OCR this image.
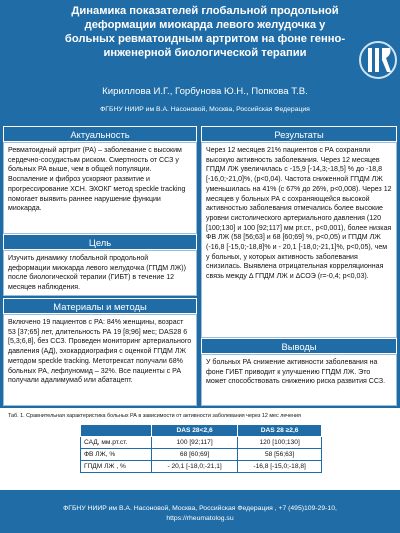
Динамика показателей глобальной продольной деформации миокарда левого желудочка у больных ревматоидным артритом на фоне генно-инженерной биологической терапии
Кириллова И.Г., Горбунова Ю.Н., Попкова Т.В.
ФГБНУ НИИР им В.А. Насоновой, Москва, Российская Федерация
Актуальность

Ревматоидный артрит (РА) – заболевание с высоким сердечно-сосудистым риском. Смертность от ССЗ у больных РА выше, чем в общей популяции. Воспаление и фиброз ускоряют развитие и прогрессирование ХСН. ЭХОКГ метод speckle tracking помогает выявить раннее нарушение функции миокарда.

Цель

Изучить динамику глобальной продольной деформации миокарда левого желудочка (ГПДМ ЛЖ)) после биологической терапии (ГИБТ) в течение 12 месяцев наблюдения.

Материалы и методы

Включено 19 пациентов с РА: 84% женщины, возраст 53 [37;65] лет, длительность РА 19 [8;96] мес; DAS28 6 [5,3;6,8], без ССЗ. Проведен мониторинг артериального давления (АД), эхокардиография с оценкой ГПДМ ЛЖ методом speckle tracking. Метотрексат получали 68% больных РА, лефлуномид – 32%. Все пациенты с РА получали адалимумаб или абатацепт.

Результаты

Через 12 месяцев 21% пациентов с РА сохраняли высокую активность заболевания. Через 12 месяцев ГПДМ ЛЖ увеличилась с -15,9 [-14,3;-18,5] % до -18,8 [-16,0;-21,0]%, (р<0,04). Частота сниженной ГПДМ ЛЖ уменьшилась на 41% (с 67% до 26%, р<0,008). Через 12 месяцев у больных РА с сохраняющейся высокой активностью заболевания отмечались более высокие уровни систолического артериального давления (120 [100;130] и 100 [92;117] мм рт.ст., р<0,001), более низкая ФВ ЛЖ (58 [56;63] и 68 [60;69] %, р<0,05) и ГПДМ ЛЖ (-16,8 [-15,0;-18,8]% и - 20,1 [-18,0;-21,1]%, р<0,05), чем у больных, у которых активность заболевания снизилась. Выявлена отрицательная корреляционная связь между Δ ГПДМ ЛЖ и ΔСОЭ (r=-0,4; р<0,03).

Выводы

У больных РА снижение активности заболевания на фоне ГИБТ приводит к улучшению ГПДМ ЛЖ. Это может способствовать снижению риска развития ССЗ.

Таб. 1. Сравнительная характеристика больных РА в зависимости от активности заболевания через 12 мес лечения
	DAS 28<2,6	DAS 28 ≥2,6
САД, мм.рт.ст.	100 [92;117]	120 [100;130]
ФВ ЛЖ, %	68 [60;69]	58 [56;63]
ГПДМ ЛЖ , %	- 20,1 [-18,0;-21,1]	-16,8 [-15,0;-18,8]
ФГБНУ НИИР им В.А. Насоновой, Москва, Российская Федерация , +7 (495)109-29-10,
https://rheumatolog.su
